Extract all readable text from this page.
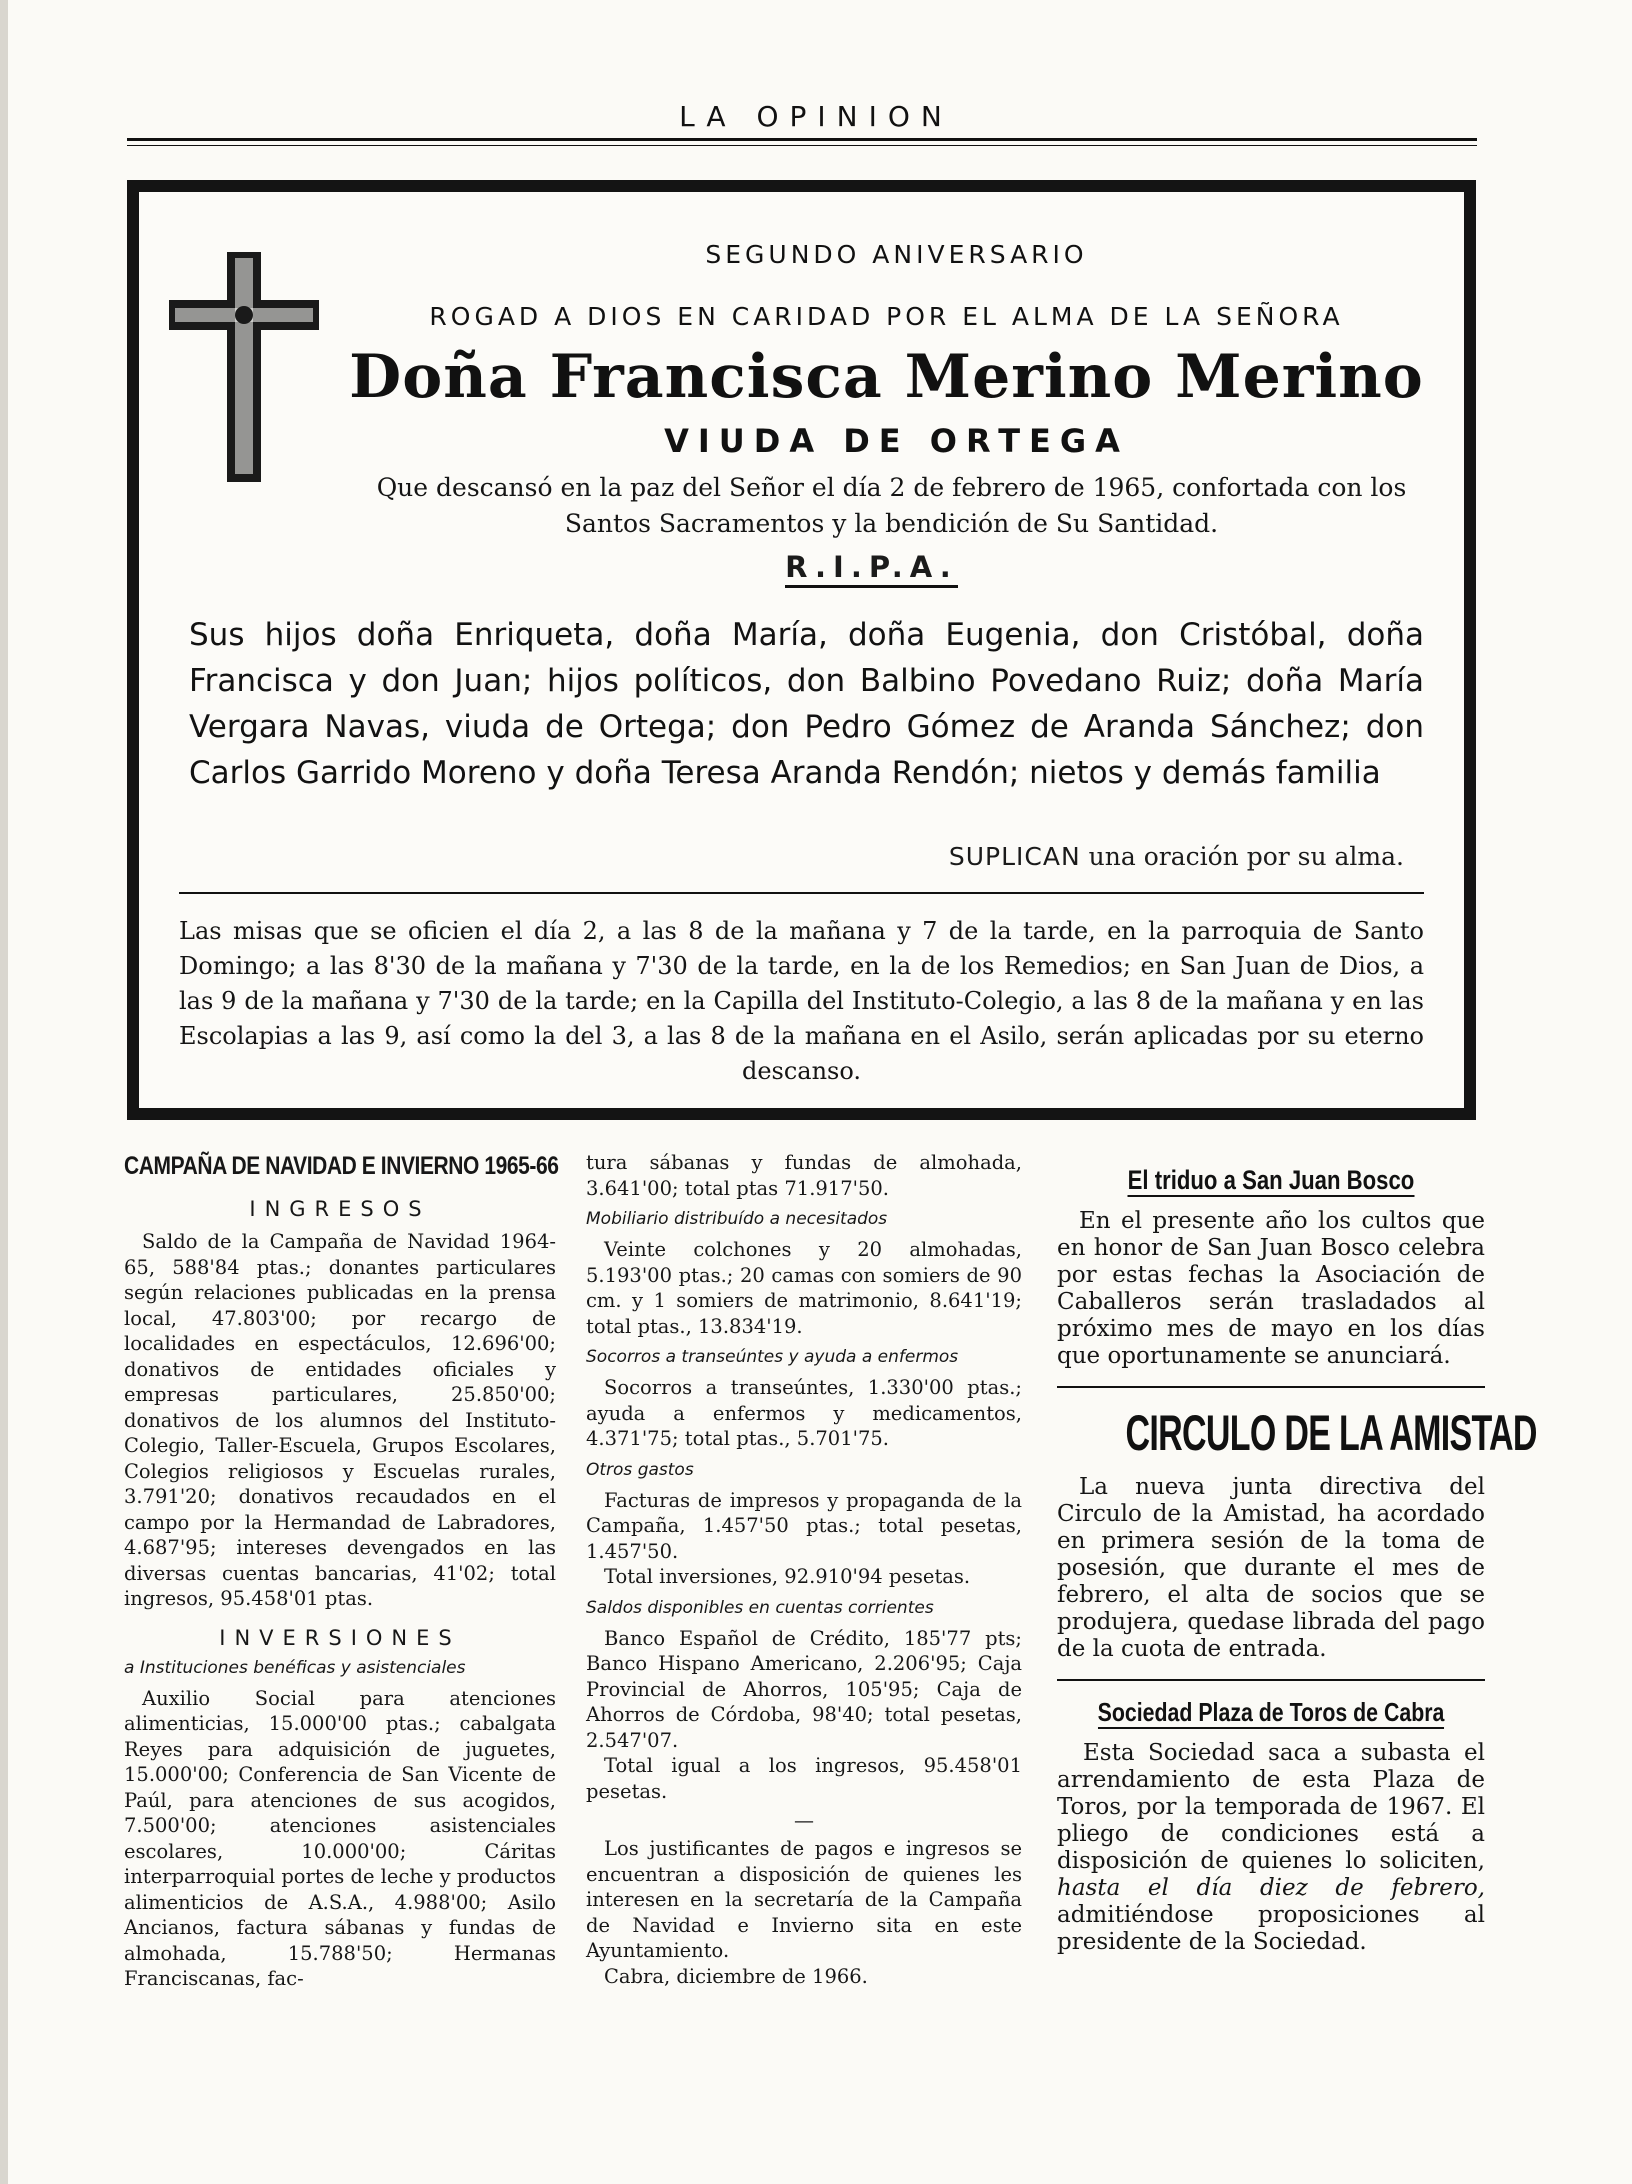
LA OPINION
SEGUNDO ANIVERSARIO
ROGAD A DIOS EN CARIDAD POR EL ALMA DE LA SEÑORA
Doña Francisca Merino Merino
VIUDA DE ORTEGA
Que descansó en la paz del Señor el día 2 de febrero de 1965, confortada con los
Santos Sacramentos y la bendición de Su Santidad.
R.I.P.A.
Sus hijos doña Enriqueta, doña María, doña Eugenia, don Cristóbal, doña Francisca y don Juan; hijos políticos, don Balbino Povedano Ruiz; doña María Vergara Navas, viuda de Ortega; don Pedro Gómez de Aranda Sánchez; don Carlos Garrido Moreno y doña Teresa Aranda Rendón; nietos y demás familia
SUPLICAN una oración por su alma.
Las misas que se oficien el día 2, a las 8 de la mañana y 7 de la tarde, en la parroquia de Santo Domingo; a las 8'30 de la mañana y 7'30 de la tarde, en la de los Remedios; en San Juan de Dios, a las 9 de la mañana y 7'30 de la tarde; en la Capilla del Instituto-Colegio, a las 8 de la mañana y en las Escolapias a las 9, así como la del 3, a las 8 de la mañana en el Asilo, serán aplicadas por su eterno descanso.
CAMPAÑA DE NAVIDAD E INVIERNO 1965-66
INGRESOS

Saldo de la Campaña de Navidad 1964-65, 588'84 ptas.; donantes particulares según relaciones publicadas en la prensa local, 47.803'00; por recargo de localidades en espectáculos, 12.696'00; donativos de entidades oficiales y empresas particulares, 25.850'00; donativos de los alumnos del Instituto-Colegio, Taller-Escuela, Grupos Escolares, Colegios religiosos y Escuelas rurales, 3.791'20; donativos recaudados en el campo por la Hermandad de Labradores, 4.687'95; intereses devengados en las diversas cuentas bancarias, 41'02; total ingresos, 95.458'01 ptas.

INVERSIONES
a Instituciones benéficas y asistenciales

Auxilio Social para atenciones alimenticias, 15.000'00 ptas.; cabalgata Reyes para adquisición de juguetes, 15.000'00; Conferencia de San Vicente de Paúl, para atenciones de sus acogidos, 7.500'00; atenciones asistenciales escolares, 10.000'00; Cáritas interparroquial portes de leche y productos alimenticios de A.S.A., 4.988'00; Asilo Ancianos, factura sábanas y fundas de almohada, 15.788'50; Hermanas Franciscanas, fac-

tura sábanas y fundas de almohada, 3.641'00; total ptas 71.917'50.

Mobiliario distribuído a necesitados

Veinte colchones y 20 almohadas, 5.193'00 ptas.; 20 camas con somiers de 90 cm. y 1 somiers de matrimonio, 8.641'19; total ptas., 13.834'19.

Socorros a transeúntes y ayuda a enfermos

Socorros a transeúntes, 1.330'00 ptas.; ayuda a enfermos y medicamentos, 4.371'75; total ptas., 5.701'75.

Otros gastos

Facturas de impresos y propaganda de la Campaña, 1.457'50 ptas.; total pesetas, 1.457'50.

Total inversiones, 92.910'94 pesetas.

Saldos disponibles en cuentas corrientes

Banco Español de Crédito, 185'77 pts; Banco Hispano Americano, 2.206'95; Caja Provincial de Ahorros, 105'95; Caja de Ahorros de Córdoba, 98'40; total pesetas, 2.547'07.

Total igual a los ingresos, 95.458'01 pesetas.

—

Los justificantes de pagos e ingresos se encuentran a disposición de quienes les interesen en la secretaría de la Campaña de Navidad e Invierno sita en este Ayuntamiento.

Cabra, diciembre de 1966.

El triduo a San Juan Bosco

En el presente año los cultos que en honor de San Juan Bosco celebra por estas fechas la Asociación de Caballeros serán trasladados al próximo mes de mayo en los días que oportunamente se anunciará.

CIRCULO DE LA AMISTAD

La nueva junta directiva del Circulo de la Amistad, ha acordado en primera sesión de la toma de posesión, que durante el mes de febrero, el alta de socios que se produjera, quedase librada del pago de la cuota de entrada.

Sociedad Plaza de Toros de Cabra

Esta Sociedad saca a subasta el arrendamiento de esta Plaza de Toros, por la temporada de 1967. El pliego de condiciones está a disposición de quienes lo soliciten, hasta el día diez de febrero, admitiéndose proposiciones al presidente de la Sociedad.
